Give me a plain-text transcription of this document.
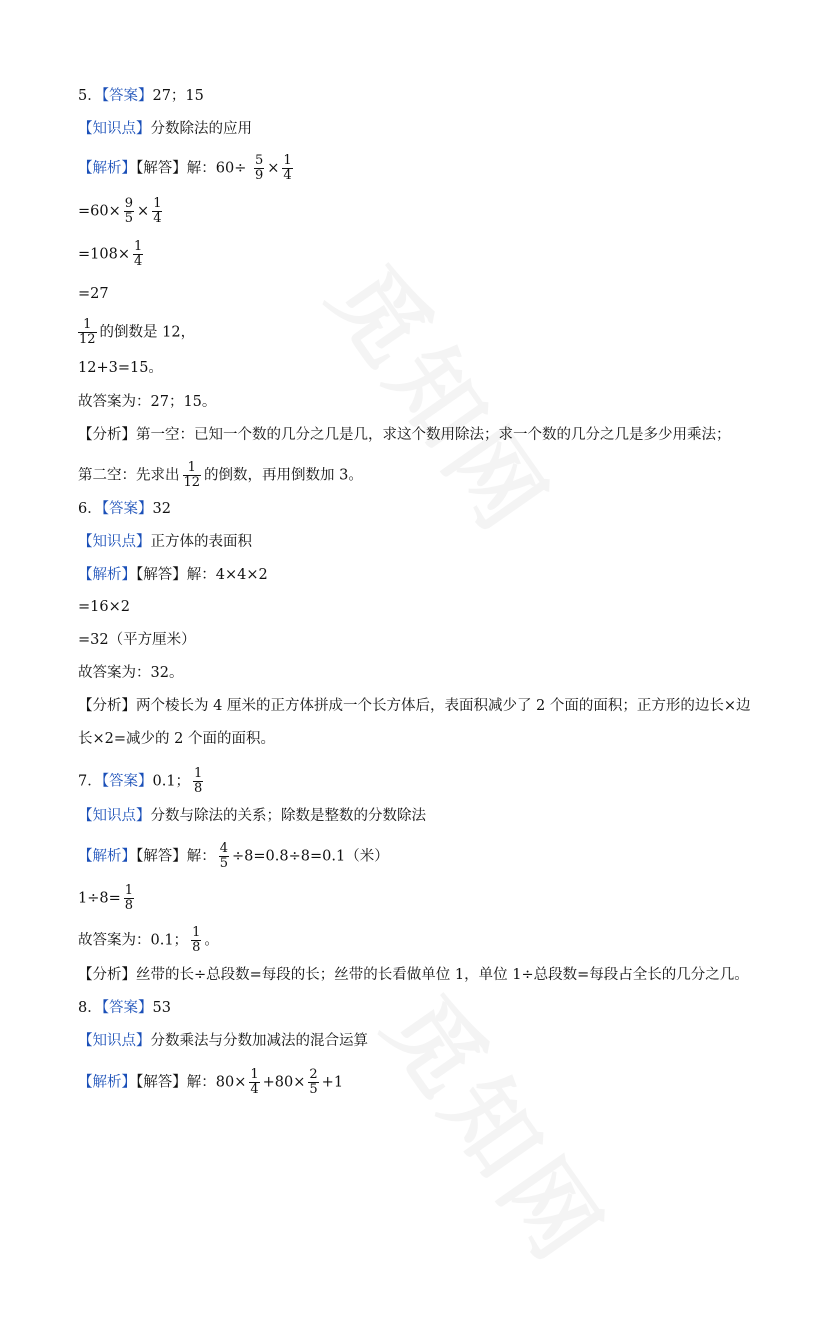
5．【答案】27；15
【知识点】分数除法的应用
【解析】【解答】解：$60\div \frac{5}{9} \times \frac{1}{4}$
$=60\times \frac{9}{5} \times \frac{1}{4}$
$=108\times \frac{1}{4}$
=27
$\frac{1}{12}$ 的倒数是 12，
12+3=15。
故答案为：27；15。
【分析】第一空：已知一个数的几分之几是几，求这个数用除法；求一个数的几分之几是多少用乘法；
第二空：先求出 $\frac{1}{12}$ 的倒数，再用倒数加 3。
6．【答案】32
【知识点】正方体的表面积
【解析】【解答】解：4×4×2
=16×2
=32（平方厘米）
故答案为：32。
【分析】两个棱长为 4 厘米的正方体拼成一个长方体后，表面积减少了 2 个面的面积；正方形的边长×边
长×2=减少的 2 个面的面积。
7．【答案】0.1； $\frac{1}{8}$
【知识点】分数与除法的关系；除数是整数的分数除法
【解析】【解答】解： $\frac{4}{5} \div 8=0.8\div 8=0.1$（米）
$1\div 8= \frac{1}{8}$
故答案为：0.1； $\frac{1}{8}$ 。
【分析】丝带的长÷总段数=每段的长；丝带的长看做单位 1，单位 1÷总段数=每段占全长的几分之几。
8．【答案】53
【知识点】分数乘法与分数加减法的混合运算
【解析】【解答】解：$80\times \frac{1}{4} +80\times \frac{2}{5} +1$
